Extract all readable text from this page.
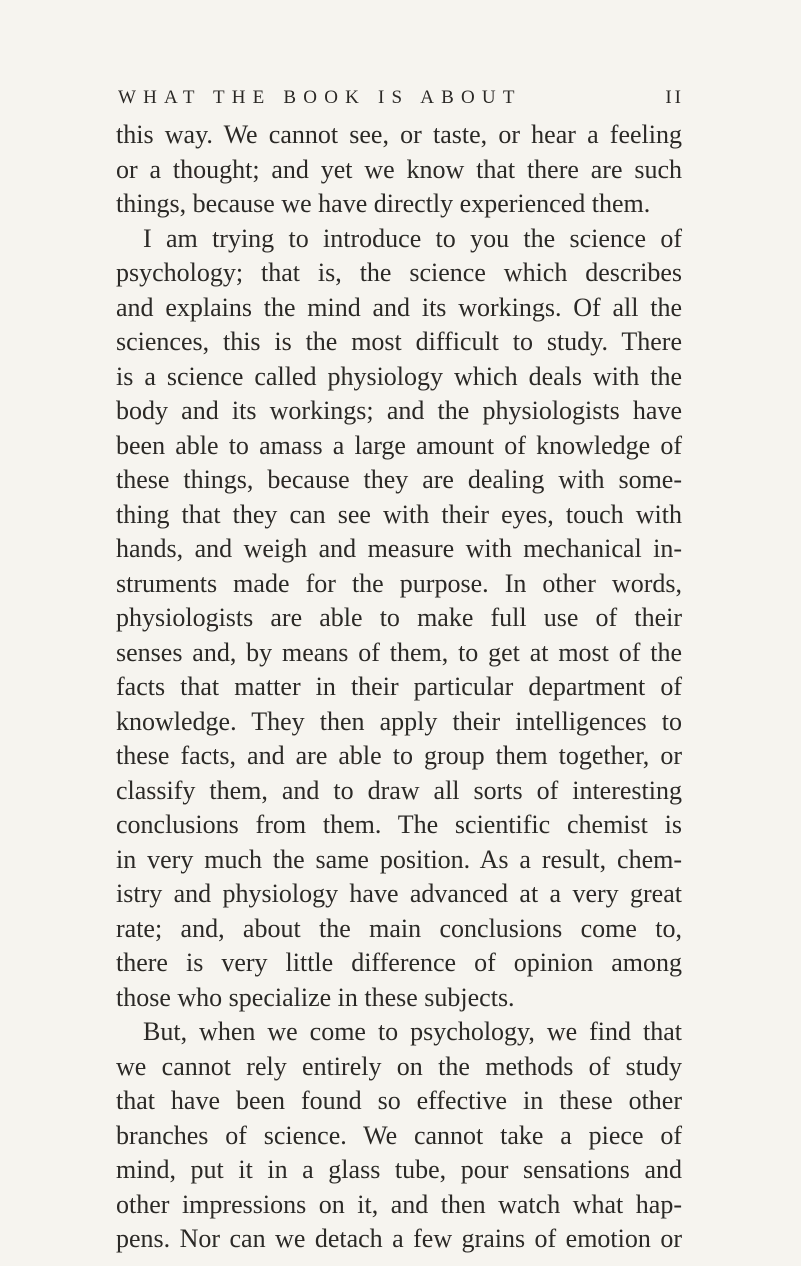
WHAT THE BOOK IS ABOUT	II
this way. We cannot see, or taste, or hear a feeling
or a thought; and yet we know that there are such
things, because we have directly experienced them.
I am trying to introduce to you the science of
psychology; that is, the science which describes
and explains the mind and its workings. Of all the
sciences, this is the most difficult to study. There
is a science called physiology which deals with the
body and its workings; and the physiologists have
been able to amass a large amount of knowledge of
these things, because they are dealing with some-
thing that they can see with their eyes, touch with
hands, and weigh and measure with mechanical in-
struments made for the purpose. In other words,
physiologists are able to make full use of their
senses and, by means of them, to get at most of the
facts that matter in their particular department of
knowledge. They then apply their intelligences to
these facts, and are able to group them together, or
classify them, and to draw all sorts of interesting
conclusions from them. The scientific chemist is
in very much the same position. As a result, chem-
istry and physiology have advanced at a very great
rate; and, about the main conclusions come to,
there is very little difference of opinion among
those who specialize in these subjects.
But, when we come to psychology, we find that
we cannot rely entirely on the methods of study
that have been found so effective in these other
branches of science. We cannot take a piece of
mind, put it in a glass tube, pour sensations and
other impressions on it, and then watch what hap-
pens. Nor can we detach a few grains of emotion or
